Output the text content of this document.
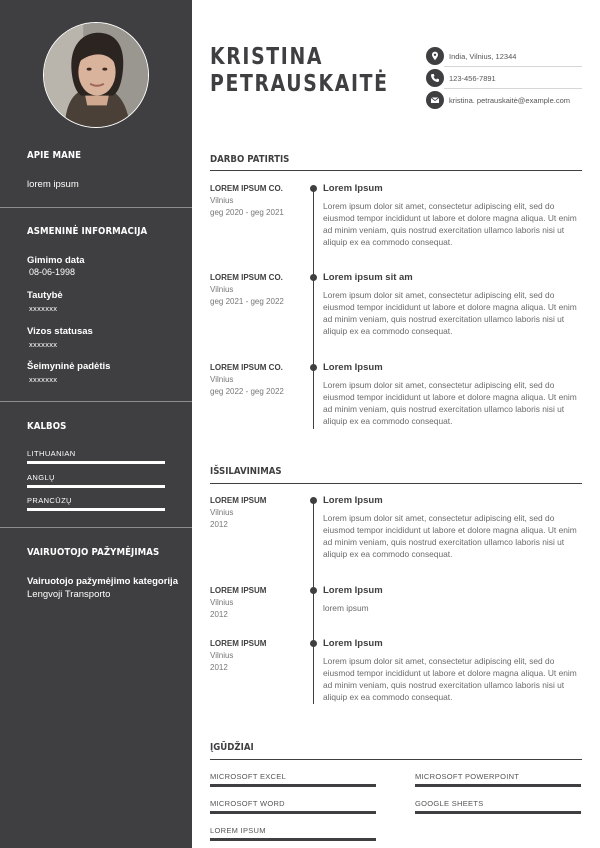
APIE MANE
lorem ipsum
ASMENINĖ INFORMACIJA
Gimimo data
08-06-1998
Tautybė
xxxxxxx
Vizos statusas
xxxxxxx
Šeimyninė padėtis
xxxxxxx
KALBOS
LITHUANIAN
ANGLŲ
PRANCŪZŲ
VAIRUOTOJO PAŽYMĖJIMAS
Vairuotojo pažymėjimo kategorija
Lengvoji Transporto
KRISTINA
PETRAUSKAITĖ
India, Vilnius, 12344
123-456-7891
kristina. petrauskaitė@example.com
DARBO PATIRTIS
LOREM IPSUM CO.
Vilnius
geg 2020 - geg 2021
Lorem Ipsum
Lorem ipsum dolor sit amet, consectetur adipiscing elit, sed do eiusmod tempor incididunt ut labore et dolore magna aliqua. Ut enim ad minim veniam, quis nostrud exercitation ullamco laboris nisi ut aliquip ex ea commodo consequat.
LOREM IPSUM CO.
Vilnius
geg 2021 - geg 2022
Lorem ipsum sit am
Lorem ipsum dolor sit amet, consectetur adipiscing elit, sed do eiusmod tempor incididunt ut labore et dolore magna aliqua. Ut enim ad minim veniam, quis nostrud exercitation ullamco laboris nisi ut aliquip ex ea commodo consequat.
LOREM IPSUM CO.
Vilnius
geg 2022 - geg 2022
Lorem Ipsum
Lorem ipsum dolor sit amet, consectetur adipiscing elit, sed do eiusmod tempor incididunt ut labore et dolore magna aliqua. Ut enim ad minim veniam, quis nostrud exercitation ullamco laboris nisi ut aliquip ex ea commodo consequat.
IŠSILAVINIMAS
LOREM IPSUM
Vilnius
2012
Lorem Ipsum
Lorem ipsum dolor sit amet, consectetur adipiscing elit, sed do eiusmod tempor incididunt ut labore et dolore magna aliqua. Ut enim ad minim veniam, quis nostrud exercitation ullamco laboris nisi ut aliquip ex ea commodo consequat.
LOREM IPSUM
Vilnius
2012
Lorem Ipsum
lorem ipsum
LOREM IPSUM
Vilnius
2012
Lorem Ipsum
Lorem ipsum dolor sit amet, consectetur adipiscing elit, sed do eiusmod tempor incididunt ut labore et dolore magna aliqua. Ut enim ad minim veniam, quis nostrud exercitation ullamco laboris nisi ut aliquip ex ea commodo consequat.
ĮGŪDŽIAI
MICROSOFT EXCEL	MICROSOFT POWERPOINT
MICROSOFT WORD	GOOGLE SHEETS
LOREM IPSUM
